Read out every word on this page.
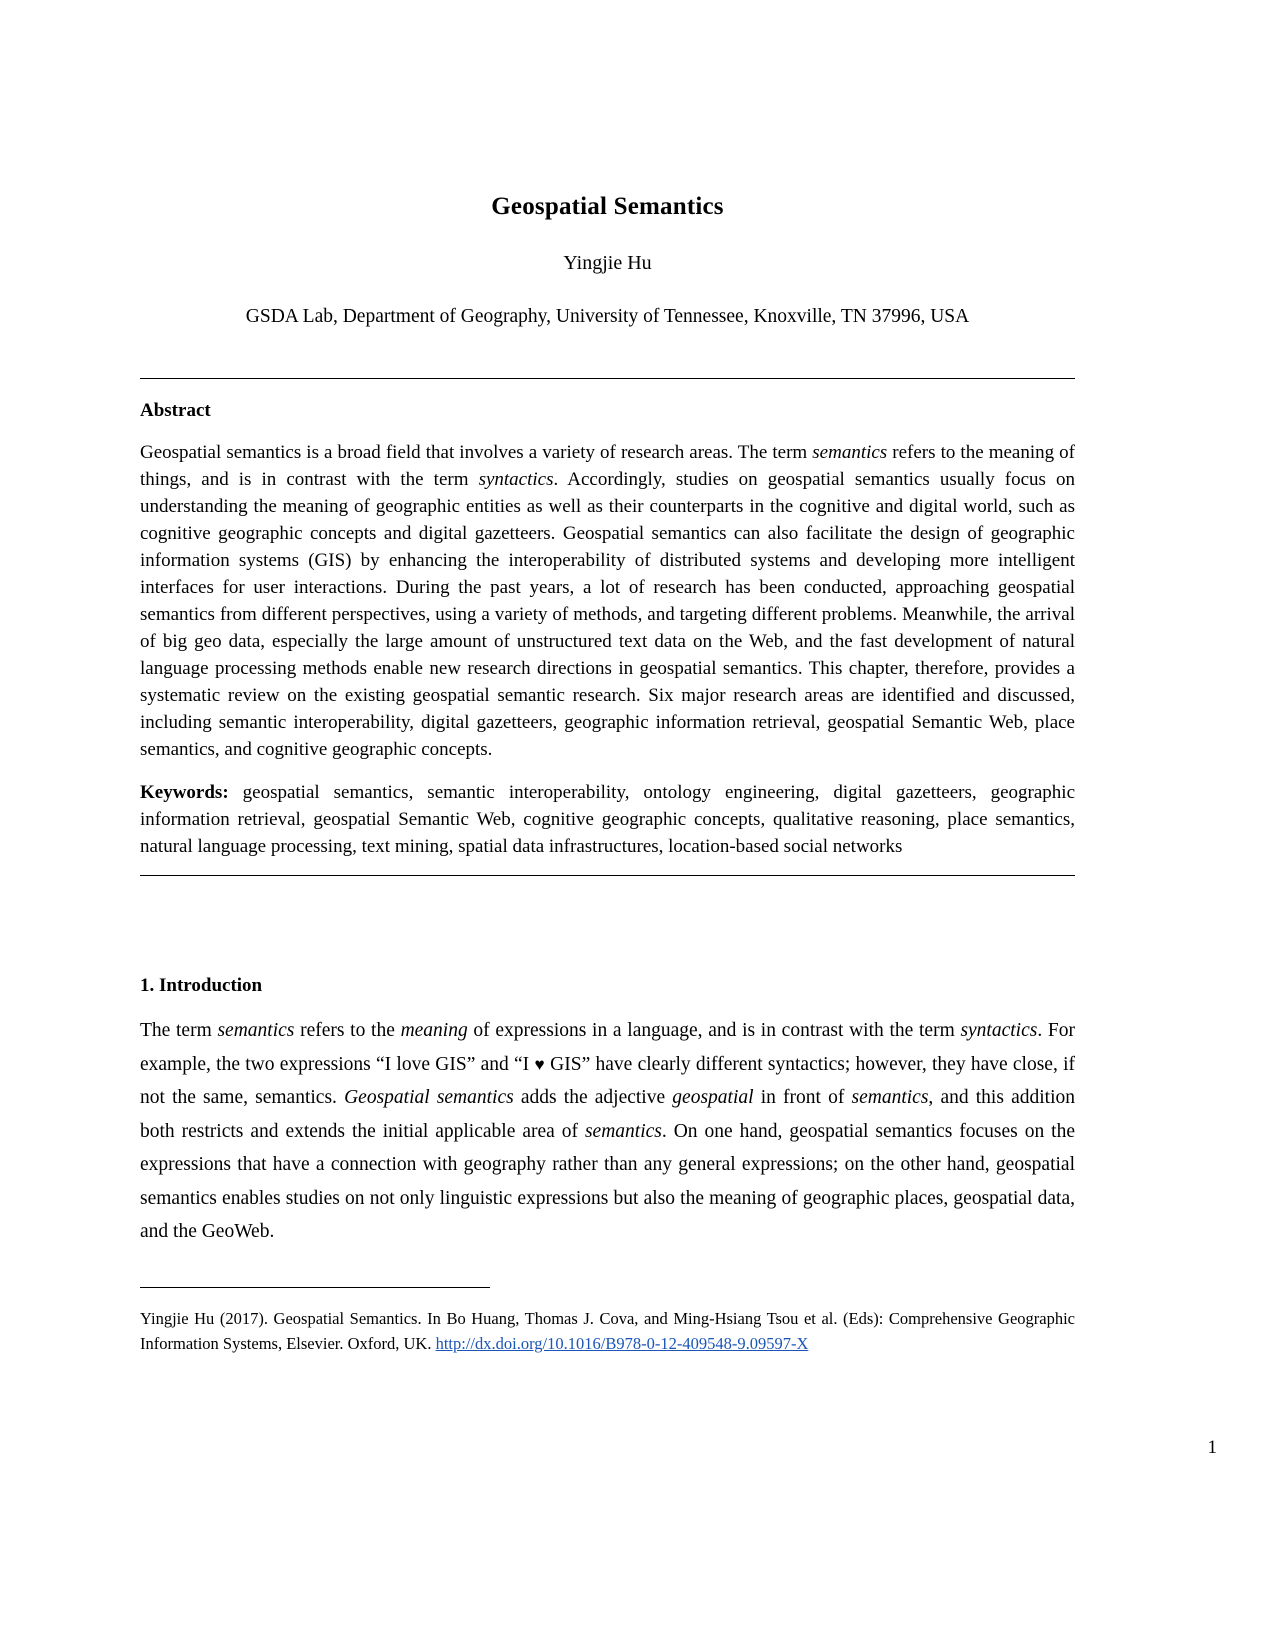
Geospatial Semantics

Yingjie Hu

GSDA Lab, Department of Geography, University of Tennessee, Knoxville, TN 37996, USA

Abstract

Geospatial semantics is a broad field that involves a variety of research areas. The term semantics refers to the meaning of things, and is in contrast with the term syntactics. Accordingly, studies on geospatial semantics usually focus on understanding the meaning of geographic entities as well as their counterparts in the cognitive and digital world, such as cognitive geographic concepts and digital gazetteers. Geospatial semantics can also facilitate the design of geographic information systems (GIS) by enhancing the interoperability of distributed systems and developing more intelligent interfaces for user interactions. During the past years, a lot of research has been conducted, approaching geospatial semantics from different perspectives, using a variety of methods, and targeting different problems. Meanwhile, the arrival of big geo data, especially the large amount of unstructured text data on the Web, and the fast development of natural language processing methods enable new research directions in geospatial semantics. This chapter, therefore, provides a systematic review on the existing geospatial semantic research. Six major research areas are identified and discussed, including semantic interoperability, digital gazetteers, geographic information retrieval, geospatial Semantic Web, place semantics, and cognitive geographic concepts.

Keywords: geospatial semantics, semantic interoperability, ontology engineering, digital gazetteers, geographic information retrieval, geospatial Semantic Web, cognitive geographic concepts, qualitative reasoning, place semantics, natural language processing, text mining, spatial data infrastructures, location-based social networks

1. Introduction

The term semantics refers to the meaning of expressions in a language, and is in contrast with the term syntactics. For example, the two expressions “I love GIS” and “I ♥ GIS” have clearly different syntactics; however, they have close, if not the same, semantics. Geospatial semantics adds the adjective geospatial in front of semantics, and this addition both restricts and extends the initial applicable area of semantics. On one hand, geospatial semantics focuses on the expressions that have a connection with geography rather than any general expressions; on the other hand, geospatial semantics enables studies on not only linguistic expressions but also the meaning of geographic places, geospatial data, and the GeoWeb.

Yingjie Hu (2017). Geospatial Semantics. In Bo Huang, Thomas J. Cova, and Ming-Hsiang Tsou et al. (Eds): Comprehensive Geographic Information Systems, Elsevier. Oxford, UK. http://dx.doi.org/10.1016/B978-0-12-409548-9.09597-X

1
